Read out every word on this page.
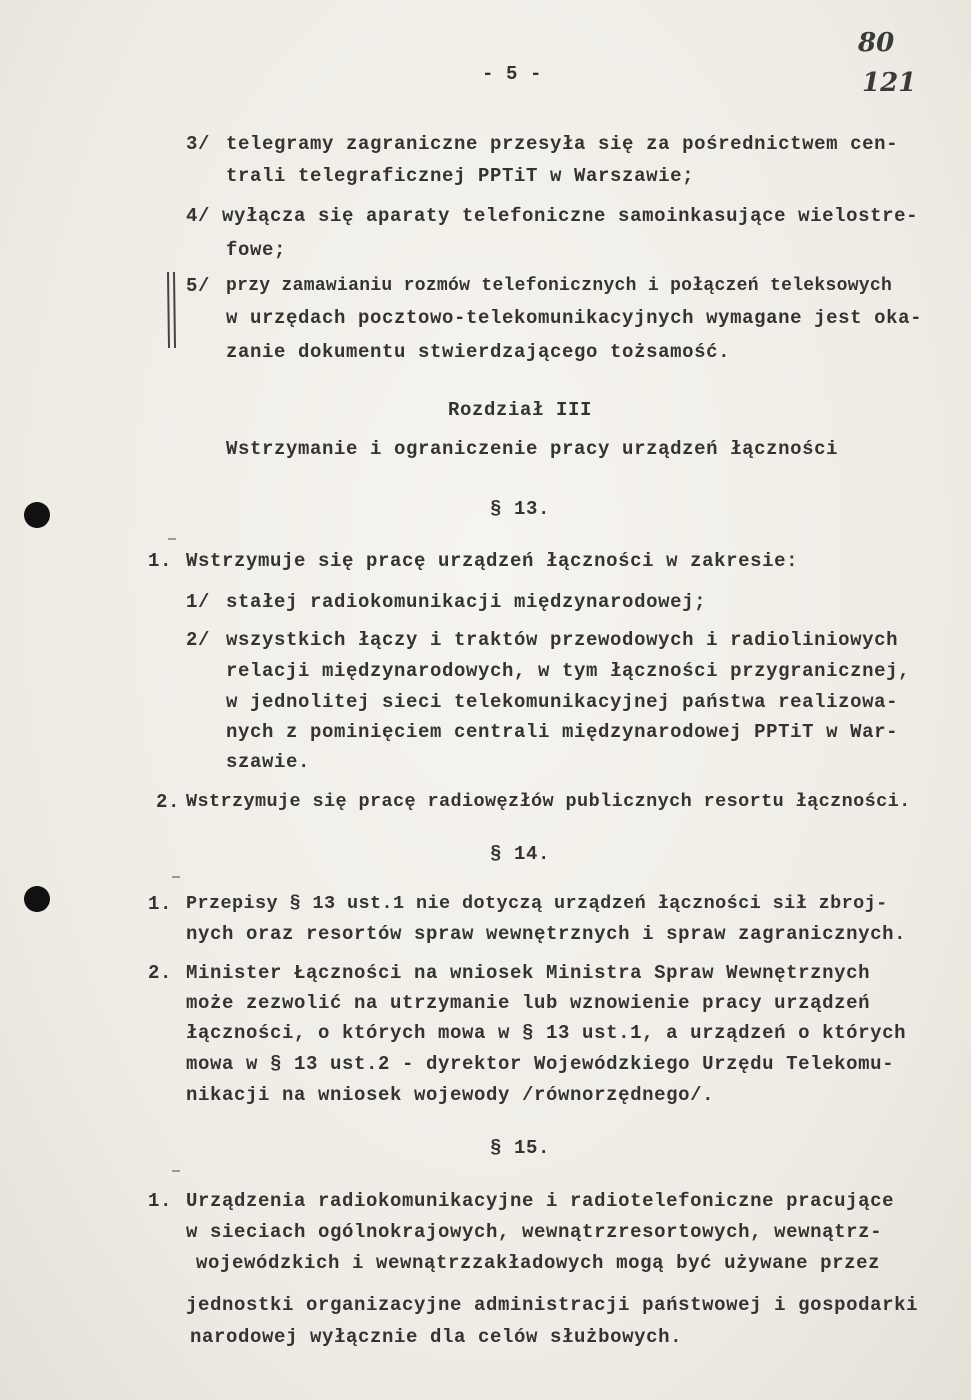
80
121
- 5 -
3/ telegramy zagraniczne przesyła się za pośrednictwem cen-
trali telegraficznej PPTiT w Warszawie;
4/ wyłącza się aparaty telefoniczne samoinkasujące wielostre-
fowe;
5/ przy zamawianiu rozmów telefonicznych i połączeń teleksowych
w urzędach pocztowo-telekomunikacyjnych wymagane jest oka-
zanie dokumentu stwierdzającego tożsamość.
Rozdział III
Wstrzymanie i ograniczenie pracy urządzeń łączności
§ 13.
1. Wstrzymuje się pracę urządzeń łączności w zakresie:
1/ stałej radiokomunikacji międzynarodowej;
2/ wszystkich łączy i traktów przewodowych i radioliniowych
relacji międzynarodowych, w tym łączności przygranicznej,
w jednolitej sieci telekomunikacyjnej państwa realizowa-
nych z pominięciem centrali międzynarodowej PPTiT w War-
szawie.
2. Wstrzymuje się pracę radiowęzłów publicznych resortu łączności.
§ 14.
1. Przepisy § 13 ust.1 nie dotyczą urządzeń łączności sił zbroj-
nych oraz resortów spraw wewnętrznych i spraw zagranicznych.
2. Minister Łączności na wniosek Ministra Spraw Wewnętrznych
może zezwolić na utrzymanie lub wznowienie pracy urządzeń
łączności, o których mowa w § 13 ust.1, a urządzeń o których
mowa w § 13 ust.2 - dyrektor Wojewódzkiego Urzędu Telekomu-
nikacji na wniosek wojewody /równorzędnego/.
§ 15.
1. Urządzenia radiokomunikacyjne i radiotelefoniczne pracujące
w sieciach ogólnokrajowych, wewnątrzresortowych, wewnątrz-
wojewódzkich i wewnątrzzakładowych mogą być używane przez
jednostki organizacyjne administracji państwowej i gospodarki
narodowej wyłącznie dla celów służbowych.
